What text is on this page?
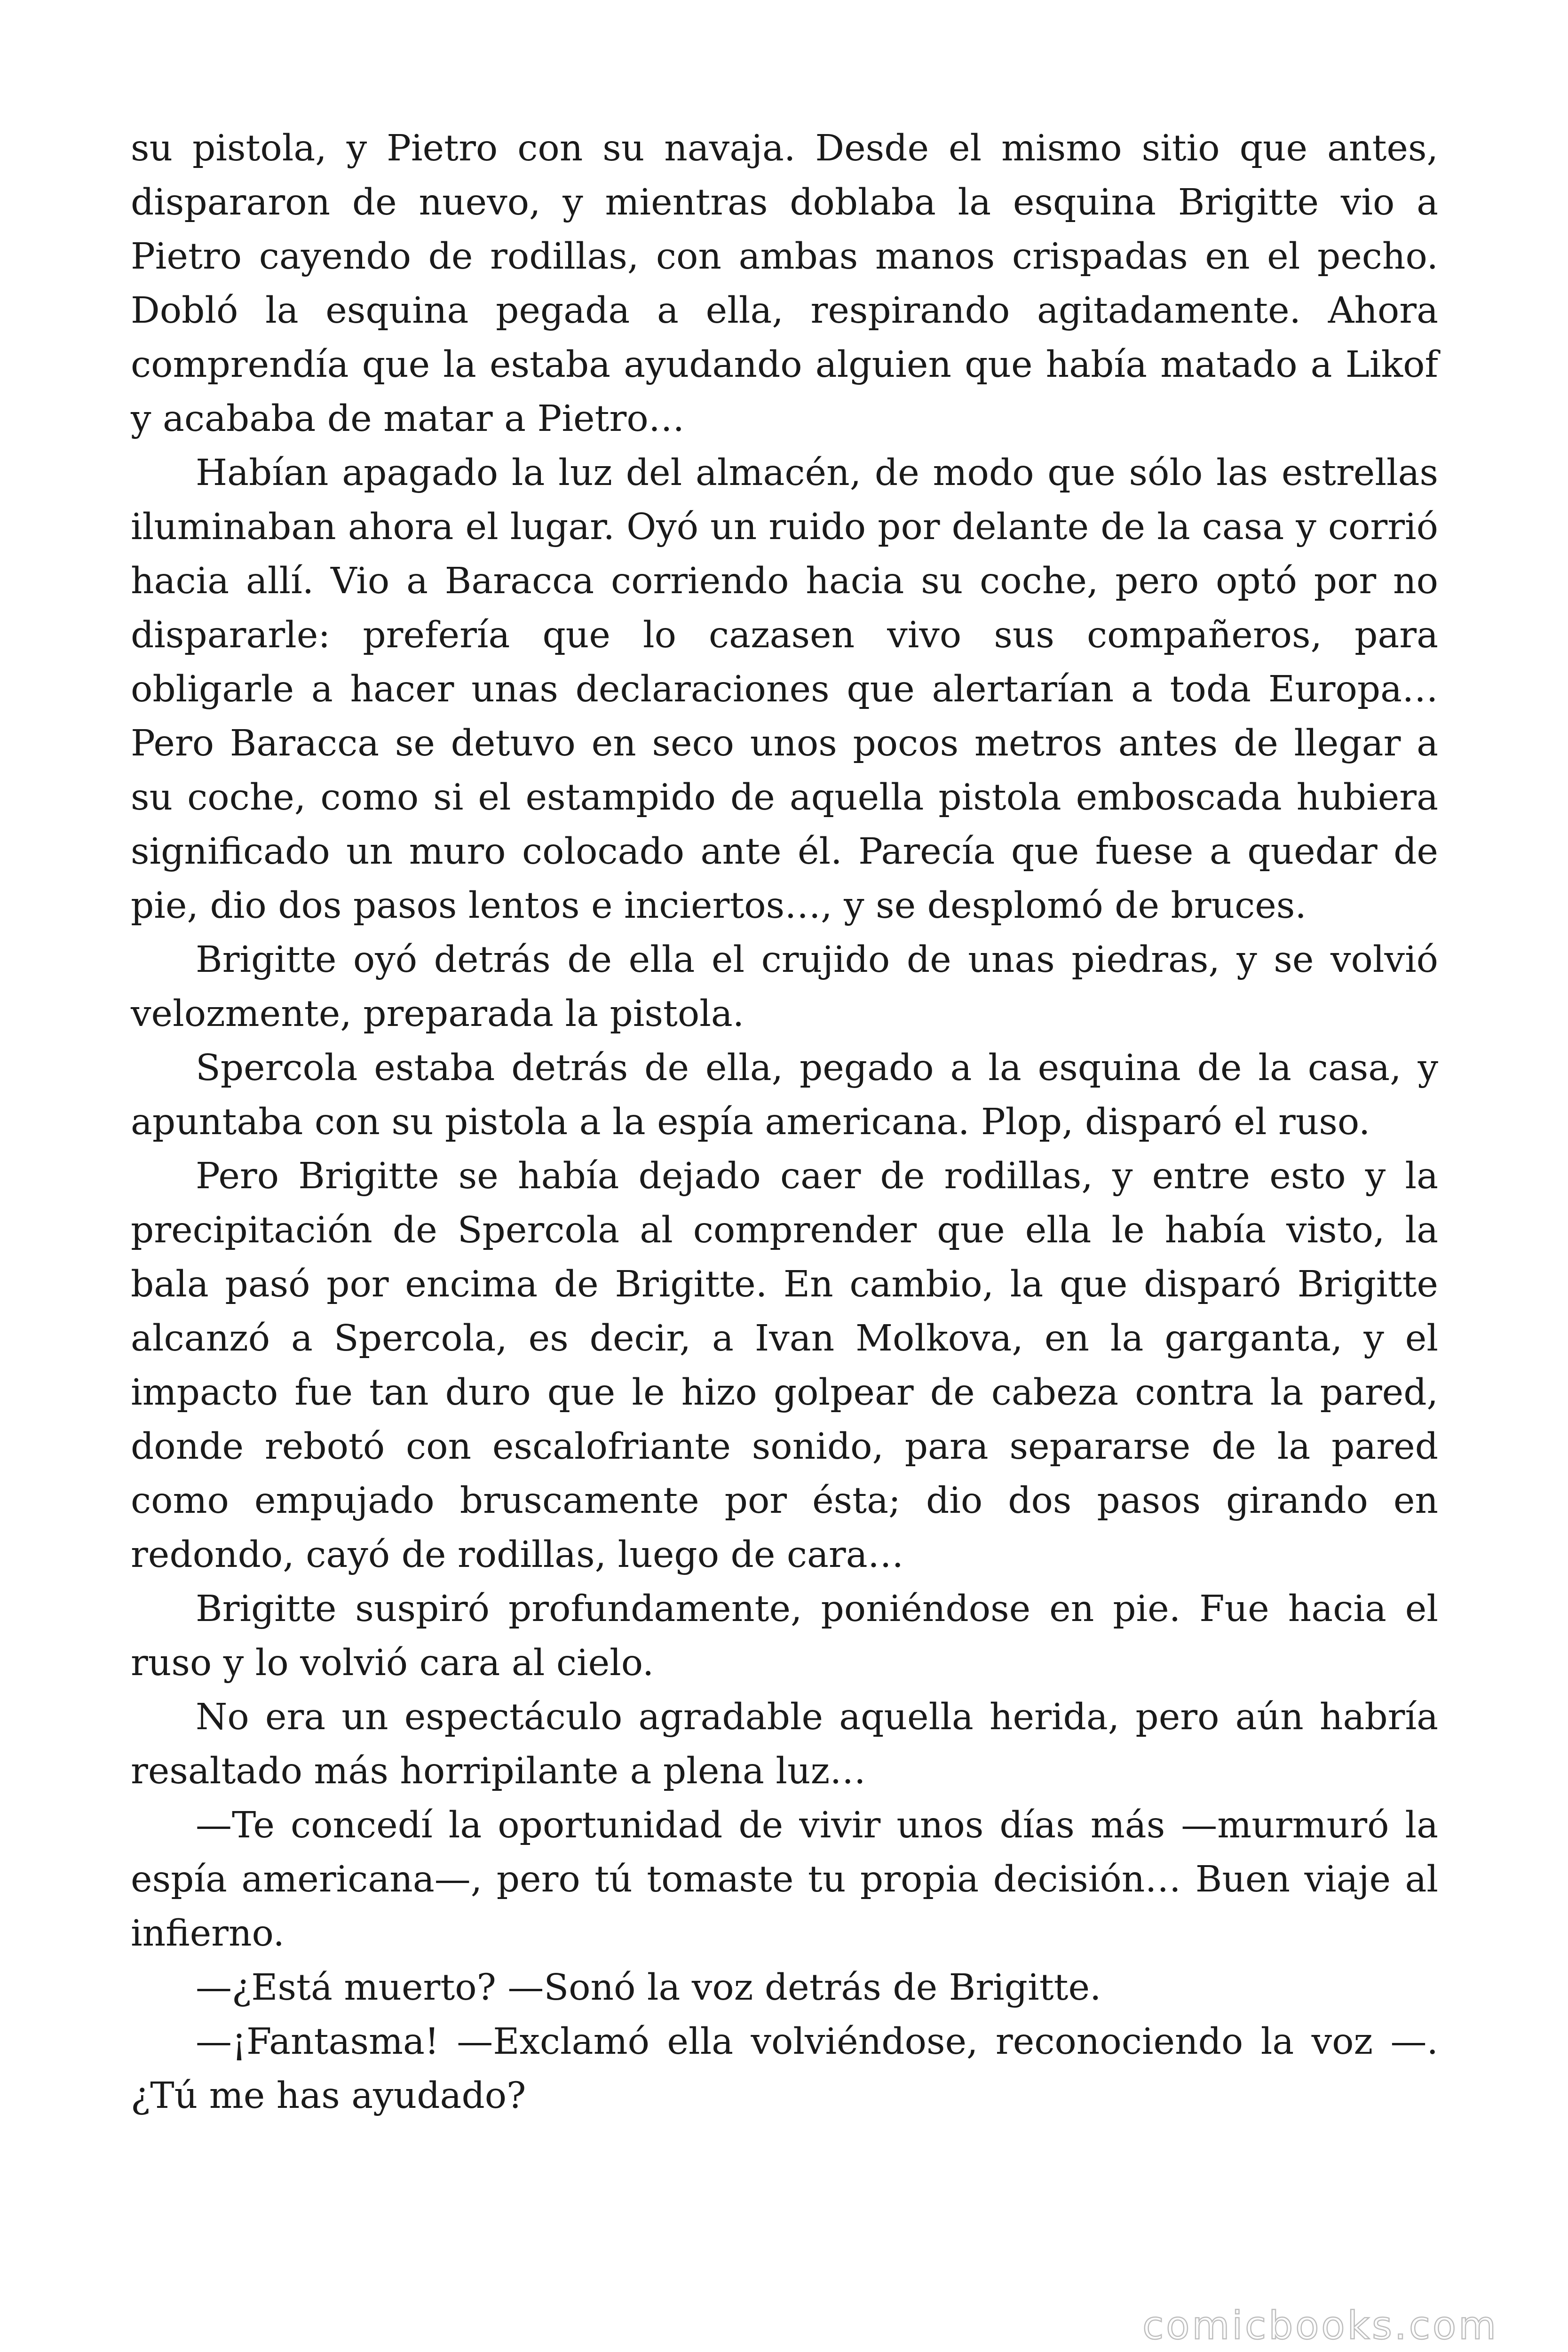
su pistola, y Pietro con su navaja. Desde el mismo sitio que antes, dispararon de nuevo, y mientras doblaba la esquina Brigitte vio a Pietro cayendo de rodillas, con ambas manos crispadas en el pecho. Dobló la esquina pegada a ella, respirando agitadamente. Ahora comprendía que la estaba ayudando alguien que había matado a Likof y acababa de matar a Pietro…

Habían apagado la luz del almacén, de modo que sólo las estrellas iluminaban ahora el lugar. Oyó un ruido por delante de la casa y corrió hacia allí. Vio a Baracca corriendo hacia su coche, pero optó por no dispararle: prefería que lo cazasen vivo sus compañeros, para obligarle a hacer unas declaraciones que alertarían a toda Europa… Pero Baracca se detuvo en seco unos pocos metros antes de llegar a su coche, como si el estampido de aquella pistola emboscada hubiera significado un muro colocado ante él. Parecía que fuese a quedar de pie, dio dos pasos lentos e inciertos…, y se desplomó de bruces.

Brigitte oyó detrás de ella el crujido de unas piedras, y se volvió velozmente, preparada la pistola.

Spercola estaba detrás de ella, pegado a la esquina de la casa, y apuntaba con su pistola a la espía americana. Plop, disparó el ruso.

Pero Brigitte se había dejado caer de rodillas, y entre esto y la precipitación de Spercola al comprender que ella le había visto, la bala pasó por encima de Brigitte. En cambio, la que disparó Brigitte alcanzó a Spercola, es decir, a Ivan Molkova, en la garganta, y el impacto fue tan duro que le hizo golpear de cabeza contra la pared, donde rebotó con escalofriante sonido, para separarse de la pared como empujado bruscamente por ésta; dio dos pasos girando en redondo, cayó de rodillas, luego de cara…

Brigitte suspiró profundamente, poniéndose en pie. Fue hacia el ruso y lo volvió cara al cielo.

No era un espectáculo agradable aquella herida, pero aún habría resaltado más horripilante a plena luz…

—Te concedí la oportunidad de vivir unos días más —murmuró la espía americana—, pero tú tomaste tu propia decisión… Buen viaje al infierno.

—¿Está muerto? —Sonó la voz detrás de Brigitte.

—¡Fantasma! —Exclamó ella volviéndose, reconociendo la voz —. ¿Tú me has ayudado?

comicbooks.com
